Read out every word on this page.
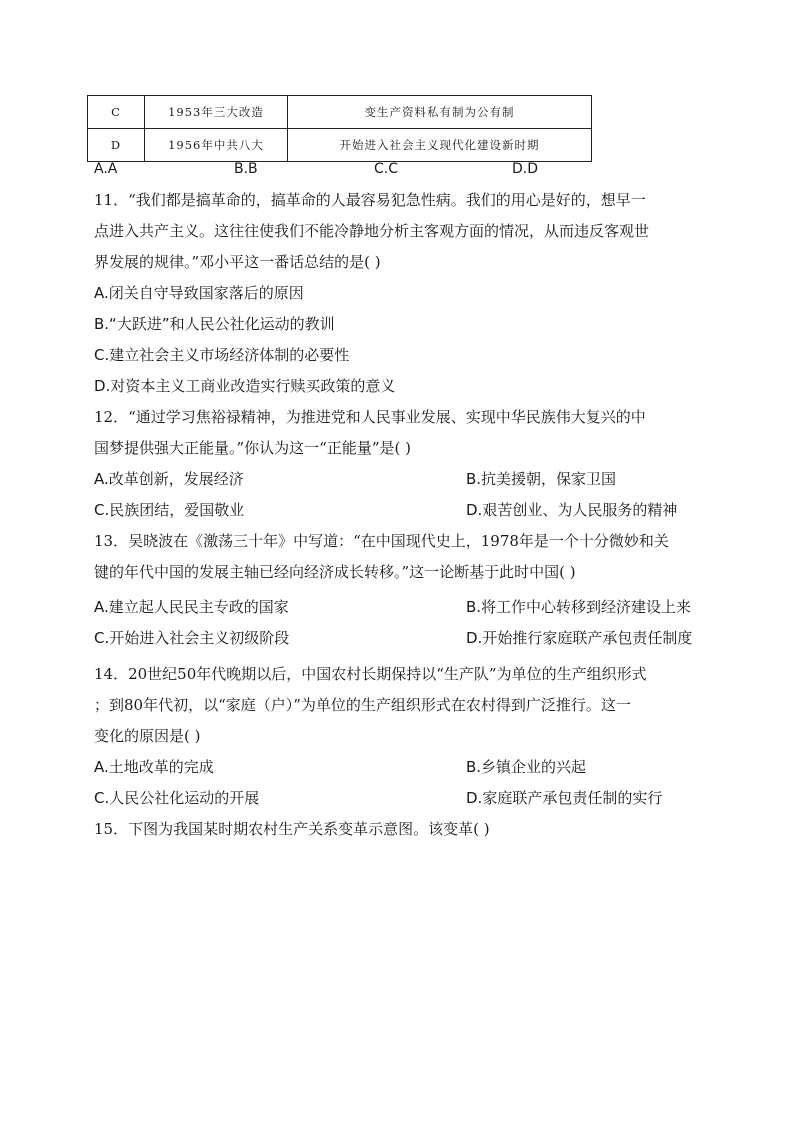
C	1953年三大改造	变生产资料私有制为公有制
D	1956年中共八大	开始进入社会主义现代化建设新时期
A.A	B.B	C.C	D.D
11．“我们都是搞革命的，搞革命的人最容易犯急性病。我们的用心是好的，想早一
点进入共产主义。这往往使我们不能冷静地分析主客观方面的情况，从而违反客观世
界发展的规律。”邓小平这一番话总结的是( )
A.闭关自守导致国家落后的原因
B.“大跃进”和人民公社化运动的教训
C.建立社会主义市场经济体制的必要性
D.对资本主义工商业改造实行赎买政策的意义
12．“通过学习焦裕禄精神，为推进党和人民事业发展、实现中华民族伟大复兴的中
国梦提供强大正能量。”你认为这一“正能量”是( )
A.改革创新，发展经济	B.抗美援朝，保家卫国
C.民族团结，爱国敬业	D.艰苦创业、为人民服务的精神
13．吴晓波在《激荡三十年》中写道：“在中国现代史上，1978年是一个十分微妙和关
键的年代中国的发展主轴已经向经济成长转移。”这一论断基于此时中国( )
A.建立起人民民主专政的国家	B.将工作中心转移到经济建设上来
C.开始进入社会主义初级阶段	D.开始推行家庭联产承包责任制度
14．20世纪50年代晚期以后，中国农村长期保持以“生产队”为单位的生产组织形式
；到80年代初，以“家庭（户）”为单位的生产组织形式在农村得到广泛推行。这一
变化的原因是( )
A.土地改革的完成	B.乡镇企业的兴起
C.人民公社化运动的开展	D.家庭联产承包责任制的实行
15．下图为我国某时期农村生产关系变革示意图。该变革( )
